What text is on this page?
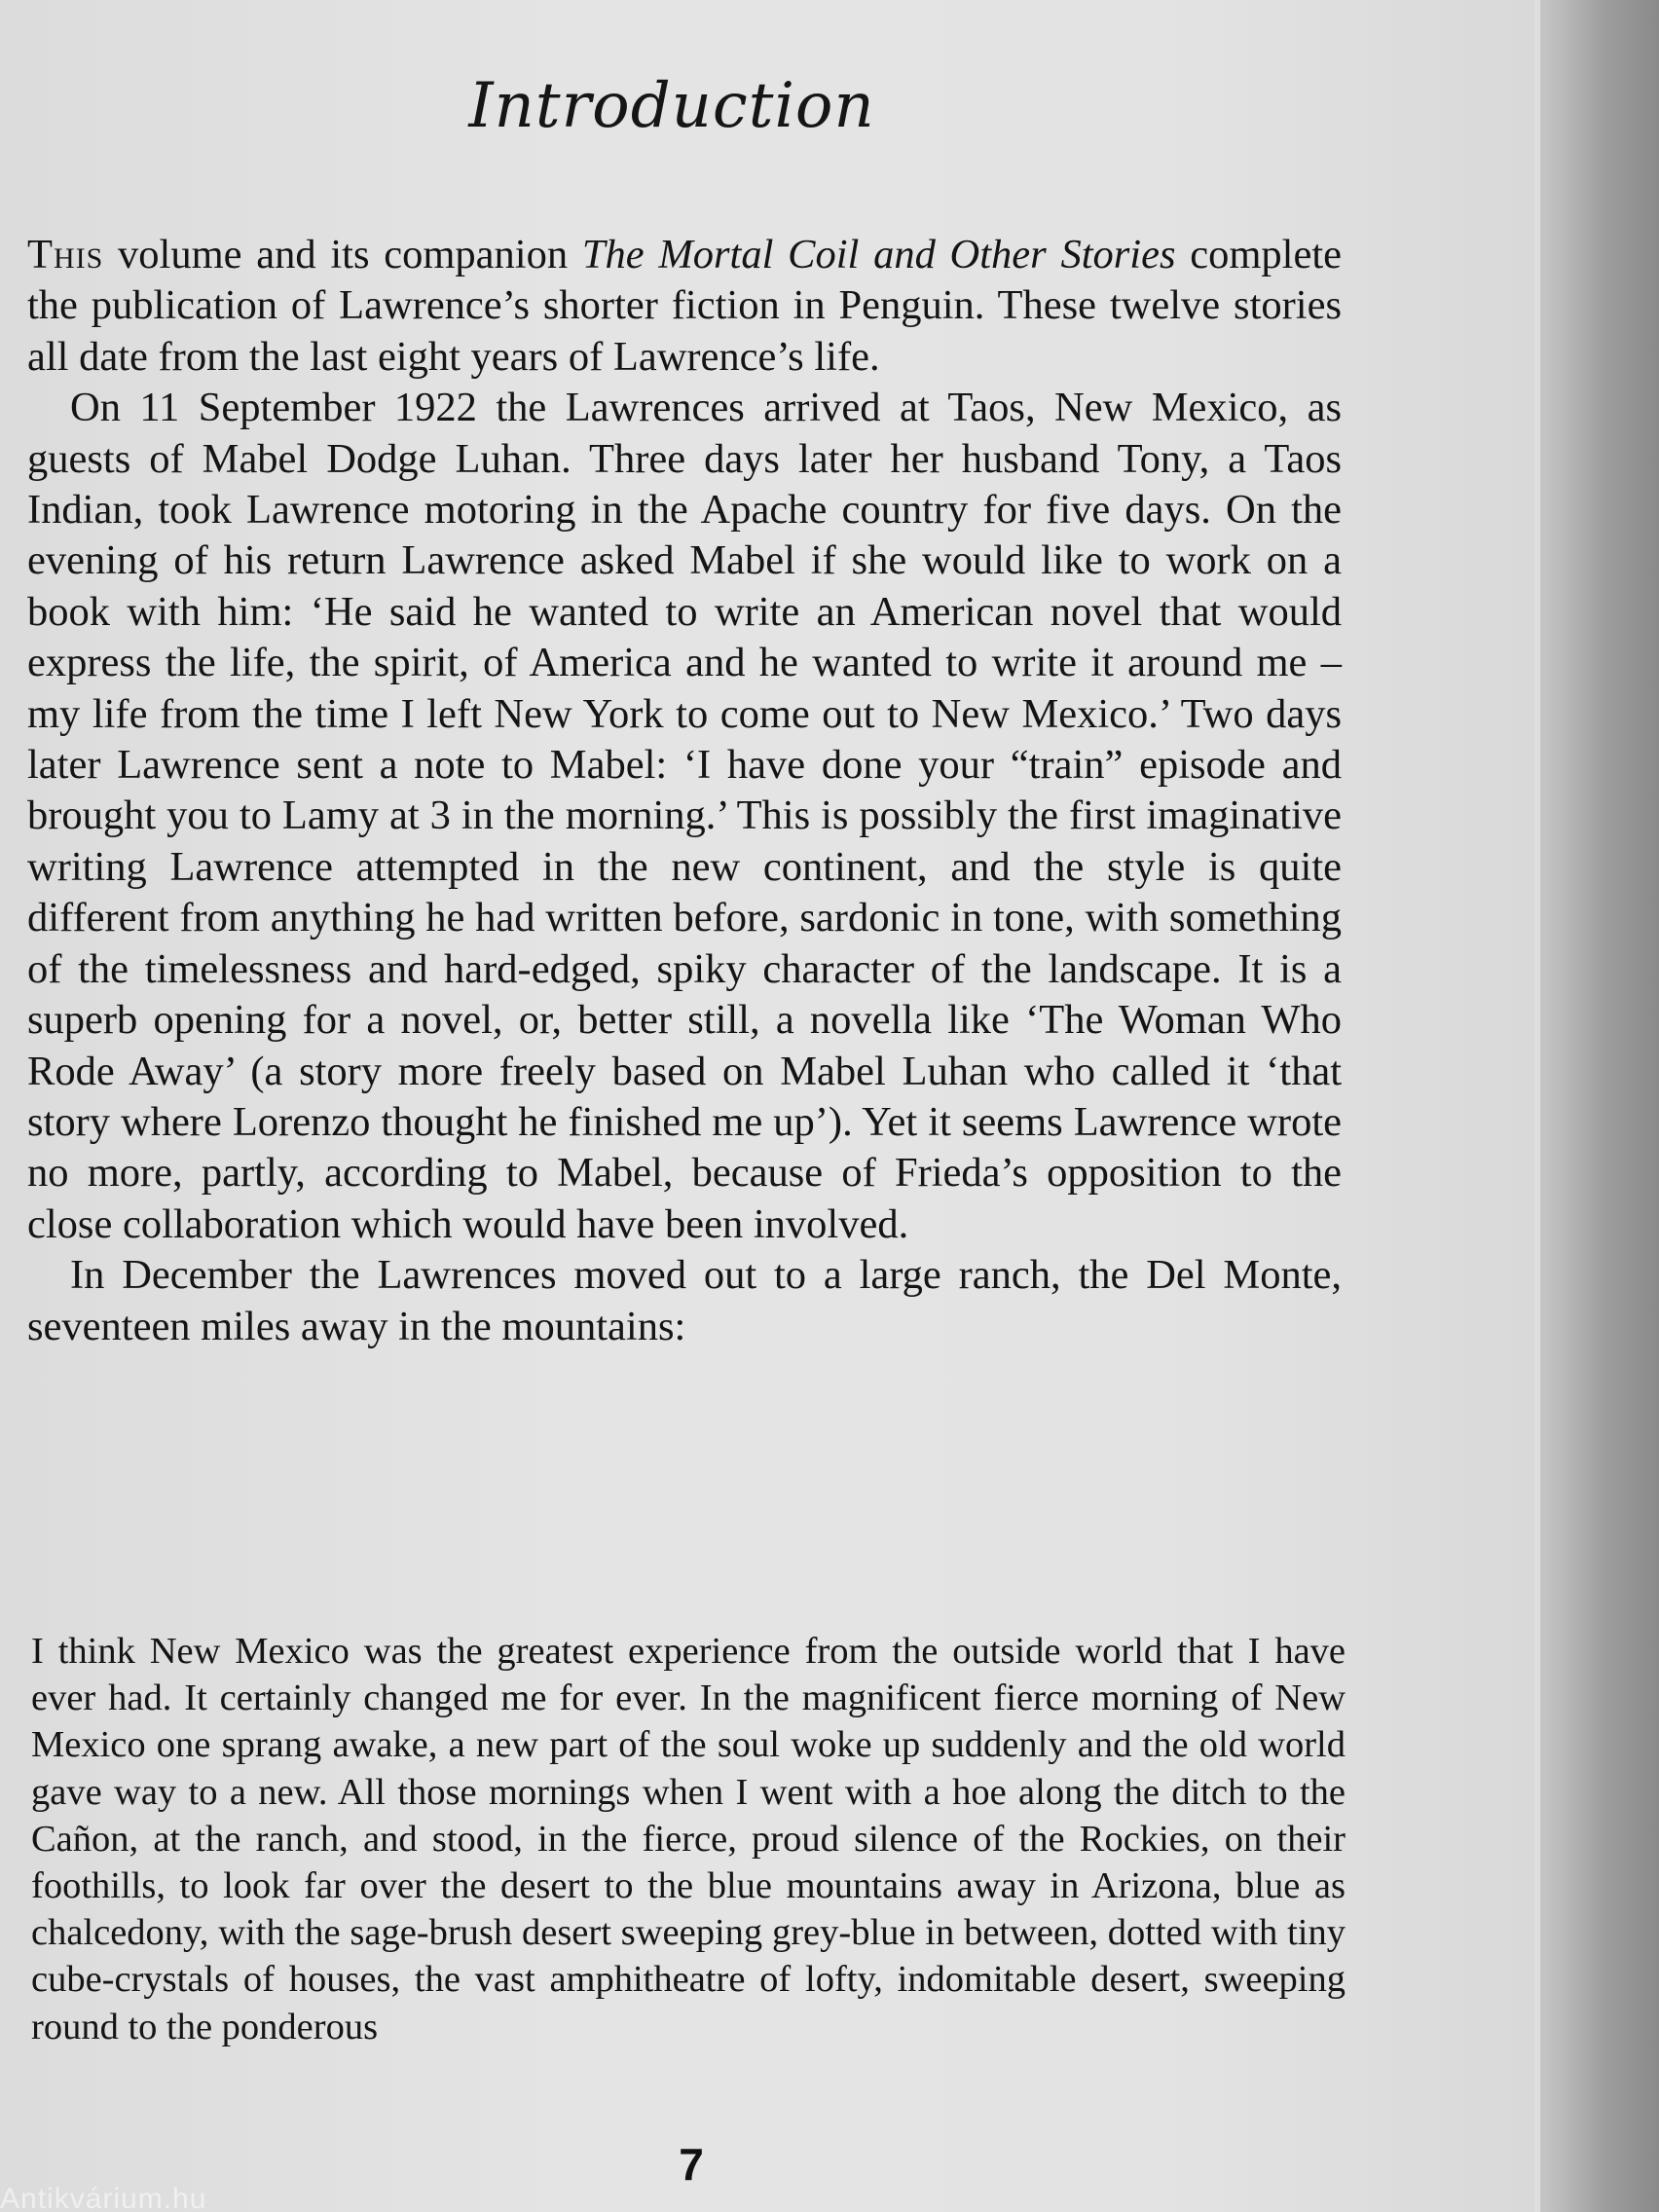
Introduction

This volume and its companion The Mortal Coil and Other Stories complete the publication of Lawrence’s shorter fiction in Penguin. These twelve stories all date from the last eight years of Lawrence’s life.

On 11 September 1922 the Lawrences arrived at Taos, New Mexico, as guests of Mabel Dodge Luhan. Three days later her husband Tony, a Taos Indian, took Lawrence motoring in the Apache country for five days. On the evening of his return Lawrence asked Mabel if she would like to work on a book with him: ‘He said he wanted to write an American novel that would express the life, the spirit, of America and he wanted to write it around me – my life from the time I left New York to come out to New Mexico.’ Two days later Lawrence sent a note to Mabel: ‘I have done your “train” episode and brought you to Lamy at 3 in the morning.’ This is possibly the first imaginative writing Lawrence attempted in the new continent, and the style is quite different from anything he had written before, sardonic in tone, with something of the timelessness and hard-edged, spiky character of the landscape. It is a superb opening for a novel, or, better still, a novella like ‘The Woman Who Rode Away’ (a story more freely based on Mabel Luhan who called it ‘that story where Lorenzo thought he finished me up’). Yet it seems Lawrence wrote no more, partly, according to Mabel, because of Frieda’s opposition to the close collaboration which would have been involved.

In December the Lawrences moved out to a large ranch, the Del Monte, seventeen miles away in the mountains:

I think New Mexico was the greatest experience from the outside world that I have ever had. It certainly changed me for ever. In the magnificent fierce morning of New Mexico one sprang awake, a new part of the soul woke up suddenly and the old world gave way to a new. All those mornings when I went with a hoe along the ditch to the Cañon, at the ranch, and stood, in the fierce, proud silence of the Rockies, on their foothills, to look far over the desert to the blue mountains away in Arizona, blue as chalcedony, with the sage-brush desert sweeping grey-blue in between, dotted with tiny cube-crystals of houses, the vast amphitheatre of lofty, indomitable desert, sweeping round to the ponderous

7
Antikvárium.hu
